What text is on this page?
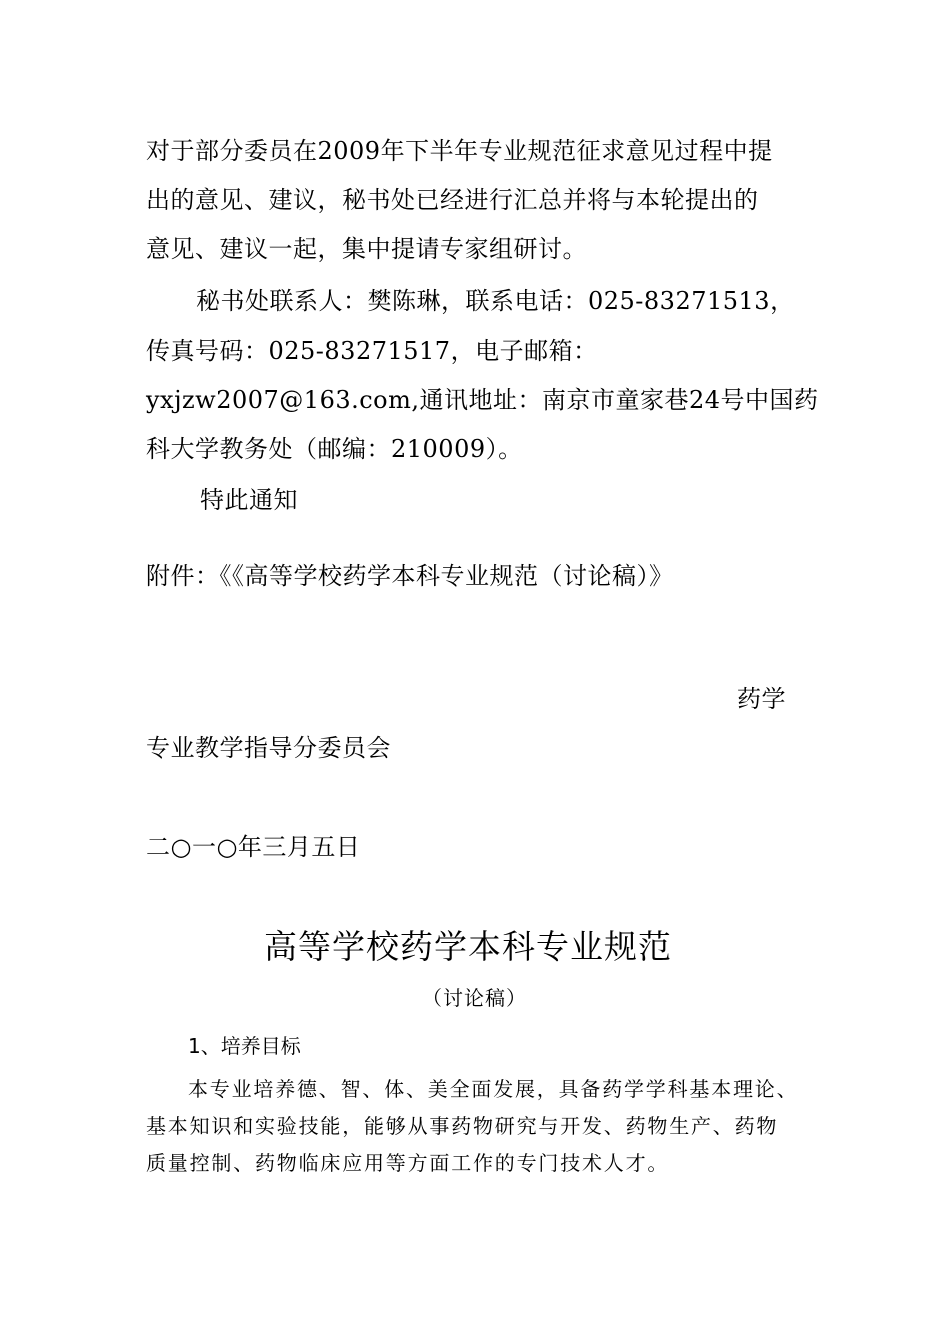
对于部分委员在2009年下半年专业规范征求意见过程中提
出的意见、建议，秘书处已经进行汇总并将与本轮提出的
意见、建议一起，集中提请专家组研讨。
秘书处联系人：樊陈琳，联系电话：025-83271513，
传真号码：025-83271517，电子邮箱：
yxjzw2007@163.com,通讯地址：南京市童家巷24号中国药
科大学教务处（邮编：210009）。
特此通知
附件：《《高等学校药学本科专业规范（讨论稿）》
药学
专业教学指导分委员会
二○一○年三月五日
高等学校药学本科专业规范
（讨论稿）
1、培养目标
本专业培养德、智、体、美全面发展，具备药学学科基本理论、
基本知识和实验技能，能够从事药物研究与开发、药物生产、药物
质量控制、药物临床应用等方面工作的专门技术人才。
